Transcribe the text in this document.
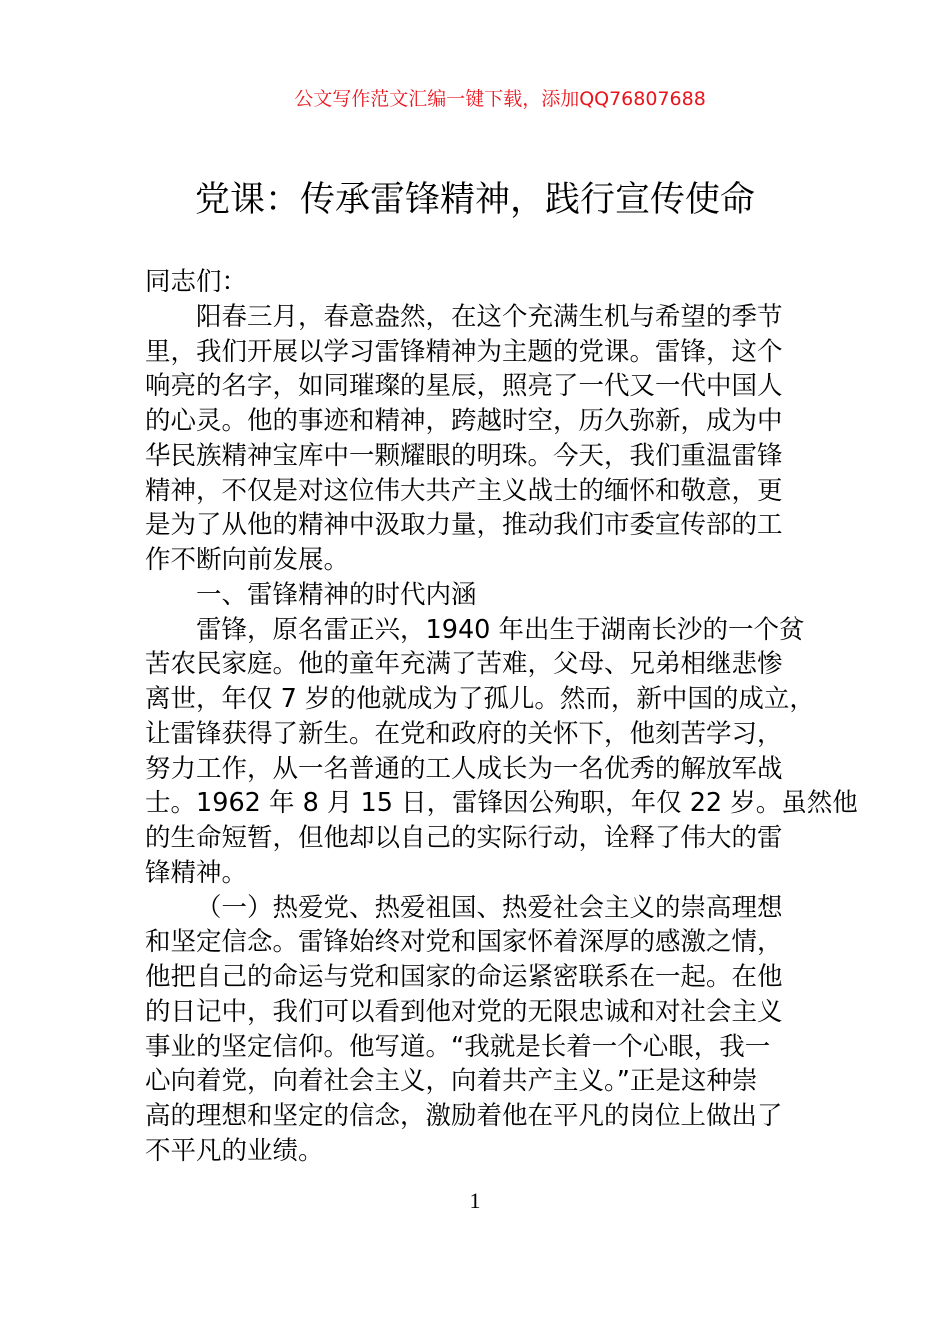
公文写作范文汇编一键下载，添加QQ76807688
党课：传承雷锋精神，践行宣传使命
同志们：
阳春三月，春意盎然，在这个充满生机与希望的季节
里，我们开展以学习雷锋精神为主题的党课。雷锋，这个
响亮的名字，如同璀璨的星辰，照亮了一代又一代中国人
的心灵。他的事迹和精神，跨越时空，历久弥新，成为中
华民族精神宝库中一颗耀眼的明珠。今天，我们重温雷锋
精神，不仅是对这位伟大共产主义战士的缅怀和敬意，更
是为了从他的精神中汲取力量，推动我们市委宣传部的工
作不断向前发展。
一、雷锋精神的时代内涵
雷锋，原名雷正兴，1940 年出生于湖南长沙的一个贫
苦农民家庭。他的童年充满了苦难，父母、兄弟相继悲惨
离世，年仅 7 岁的他就成为了孤儿。然而，新中国的成立，
让雷锋获得了新生。在党和政府的关怀下，他刻苦学习，
努力工作，从一名普通的工人成长为一名优秀的解放军战
士。1962 年 8 月 15 日，雷锋因公殉职，年仅 22 岁。虽然他
的生命短暂，但他却以自己的实际行动，诠释了伟大的雷
锋精神。
（一）热爱党、热爱祖国、热爱社会主义的崇高理想
和坚定信念。雷锋始终对党和国家怀着深厚的感激之情，
他把自己的命运与党和国家的命运紧密联系在一起。在他
的日记中，我们可以看到他对党的无限忠诚和对社会主义
事业的坚定信仰。他写道。“我就是长着一个心眼，我一
心向着党，向着社会主义，向着共产主义。”正是这种崇
高的理想和坚定的信念，激励着他在平凡的岗位上做出了
不平凡的业绩。
1
